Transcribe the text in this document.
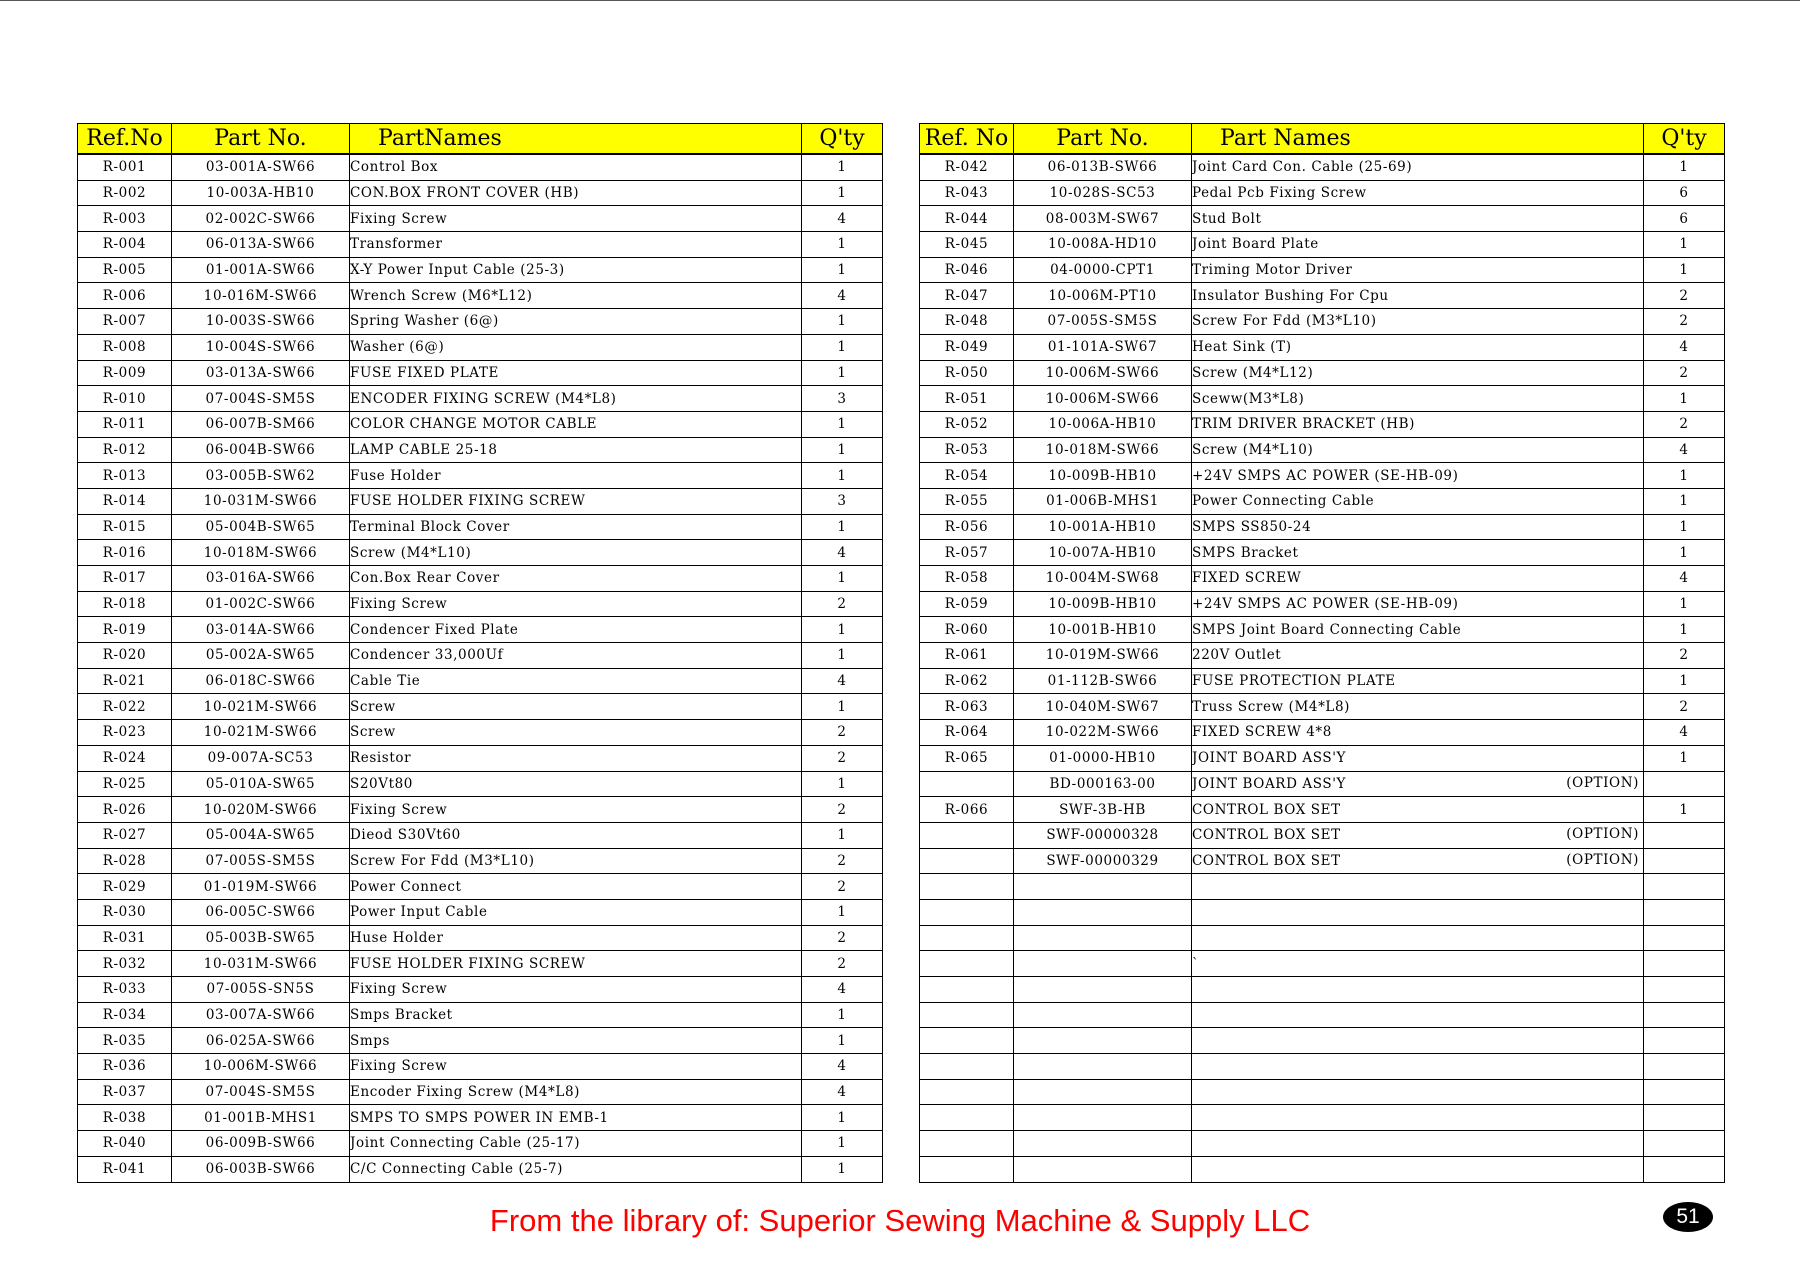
Ref.No	Part No.	PartNames	Q'ty
R-001	03-001A-SW66	Control Box	1
R-002	10-003A-HB10	CON.BOX FRONT COVER (HB)	1
R-003	02-002C-SW66	Fixing Screw	4
R-004	06-013A-SW66	Transformer	1
R-005	01-001A-SW66	X-Y Power Input Cable (25-3)	1
R-006	10-016M-SW66	Wrench Screw (M6*L12)	4
R-007	10-003S-SW66	Spring Washer (6@)	1
R-008	10-004S-SW66	Washer (6@)	1
R-009	03-013A-SW66	FUSE FIXED PLATE	1
R-010	07-004S-SM5S	ENCODER FIXING SCREW (M4*L8)	3
R-011	06-007B-SM66	COLOR CHANGE MOTOR CABLE	1
R-012	06-004B-SW66	LAMP CABLE 25-18	1
R-013	03-005B-SW62	Fuse Holder	1
R-014	10-031M-SW66	FUSE HOLDER FIXING SCREW	3
R-015	05-004B-SW65	Terminal Block Cover	1
R-016	10-018M-SW66	Screw (M4*L10)	4
R-017	03-016A-SW66	Con.Box Rear Cover	1
R-018	01-002C-SW66	Fixing Screw	2
R-019	03-014A-SW66	Condencer Fixed Plate	1
R-020	05-002A-SW65	Condencer 33,000Uf	1
R-021	06-018C-SW66	Cable Tie	4
R-022	10-021M-SW66	Screw	1
R-023	10-021M-SW66	Screw	2
R-024	09-007A-SC53	Resistor	2
R-025	05-010A-SW65	S20Vt80	1
R-026	10-020M-SW66	Fixing Screw	2
R-027	05-004A-SW65	Dieod S30Vt60	1
R-028	07-005S-SM5S	Screw For Fdd (M3*L10)	2
R-029	01-019M-SW66	Power Connect	2
R-030	06-005C-SW66	Power Input Cable	1
R-031	05-003B-SW65	Huse Holder	2
R-032	10-031M-SW66	FUSE HOLDER FIXING SCREW	2
R-033	07-005S-SN5S	Fixing Screw	4
R-034	03-007A-SW66	Smps Bracket	1
R-035	06-025A-SW66	Smps	1
R-036	10-006M-SW66	Fixing Screw	4
R-037	07-004S-SM5S	Encoder Fixing Screw (M4*L8)	4
R-038	01-001B-MHS1	SMPS TO SMPS POWER IN EMB-1	1
R-040	06-009B-SW66	Joint Connecting Cable (25-17)	1
R-041	06-003B-SW66	C/C Connecting Cable (25-7)	1
Ref. No	Part No.	Part Names	Q'ty
R-042	06-013B-SW66	Joint Card Con. Cable (25-69)	1
R-043	10-028S-SC53	Pedal Pcb Fixing Screw	6
R-044	08-003M-SW67	Stud Bolt	6
R-045	10-008A-HD10	Joint Board Plate	1
R-046	04-0000-CPT1	Triming Motor Driver	1
R-047	10-006M-PT10	Insulator Bushing For Cpu	2
R-048	07-005S-SM5S	Screw For Fdd (M3*L10)	2
R-049	01-101A-SW67	Heat Sink (T)	4
R-050	10-006M-SW66	Screw (M4*L12)	2
R-051	10-006M-SW66	Sceww(M3*L8)	1
R-052	10-006A-HB10	TRIM DRIVER BRACKET (HB)	2
R-053	10-018M-SW66	Screw (M4*L10)	4
R-054	10-009B-HB10	+24V SMPS AC POWER (SE-HB-09)	1
R-055	01-006B-MHS1	Power Connecting Cable	1
R-056	10-001A-HB10	SMPS SS850-24	1
R-057	10-007A-HB10	SMPS Bracket	1
R-058	10-004M-SW68	FIXED SCREW	4
R-059	10-009B-HB10	+24V SMPS AC POWER (SE-HB-09)	1
R-060	10-001B-HB10	SMPS Joint Board Connecting Cable	1
R-061	10-019M-SW66	220V Outlet	2
R-062	01-112B-SW66	FUSE PROTECTION PLATE	1
R-063	10-040M-SW67	Truss Screw (M4*L8)	2
R-064	10-022M-SW66	FIXED SCREW 4*8	4
R-065	01-0000-HB10	JOINT BOARD ASS'Y	1
	BD-000163-00	JOINT BOARD ASS'Y (OPTION)	

R-066	SWF-3B-HB	CONTROL BOX SET	1
	SWF-00000328	CONTROL BOX SET (OPTION)	

	SWF-00000329	CONTROL BOX SET (OPTION)	

		`	

From the library of: Superior Sewing Machine & Supply LLC	51
